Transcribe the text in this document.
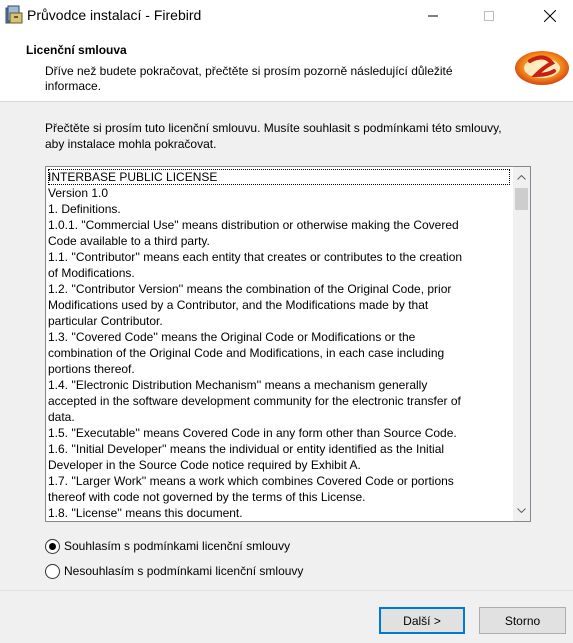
Průvodce instalací - Firebird
Licenční smlouva
Dříve než budete pokračovat, přečtěte si prosím pozorně následující důležité informace.
Přečtěte si prosím tuto licenční smlouvu. Musíte souhlasit s podmínkami této smlouvy, aby instalace mohla pokračovat.
INTERBASE PUBLIC LICENSE
Version 1.0
1. Definitions.
1.0.1. "Commercial Use" means distribution or otherwise making the Covered
Code available to a third party.
1.1. ''Contributor'' means each entity that creates or contributes to the creation
of Modifications.
1.2. ''Contributor Version'' means the combination of the Original Code, prior
Modifications used by a Contributor, and the Modifications made by that
particular Contributor.
1.3. ''Covered Code'' means the Original Code or Modifications or the
combination of the Original Code and Modifications, in each case including
portions thereof.
1.4. ''Electronic Distribution Mechanism'' means a mechanism generally
accepted in the software development community for the electronic transfer of
data.
1.5. ''Executable'' means Covered Code in any form other than Source Code.
1.6. ''Initial Developer'' means the individual or entity identified as the Initial
Developer in the Source Code notice required by Exhibit A.
1.7. ''Larger Work'' means a work which combines Covered Code or portions
thereof with code not governed by the terms of this License.
1.8. ''License'' means this document.
Souhlasím s podmínkami licenční smlouvy
Nesouhlasím s podmínkami licenční smlouvy
Další >	Storno
